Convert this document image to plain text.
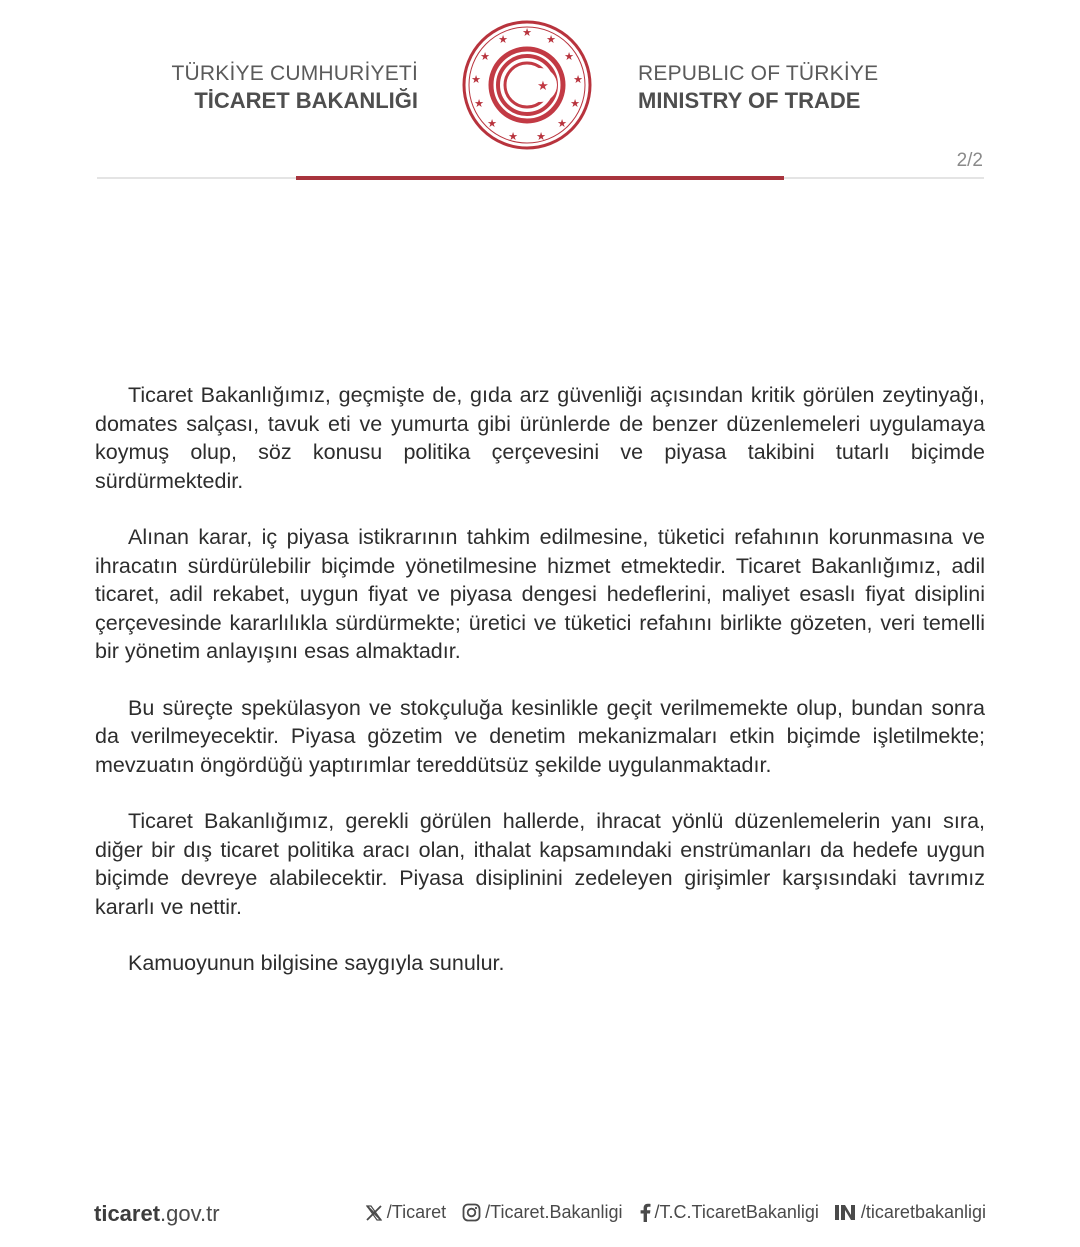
TÜRKİYE CUMHURİYETİ
TİCARET BAKANLIĞI
★
★	★
★	★
★	★
★	★
★	★
★ ★
★
REPUBLIC OF TÜRKİYE
MINISTRY OF TRADE
2/2

Ticaret Bakanlığımız, geçmişte de, gıda arz güvenliği açısından kritik görülen zeytinyağı, domates salçası, tavuk eti ve yumurta gibi ürünlerde de benzer düzenlemeleri uygulamaya koymuş olup, söz konusu politika çerçevesini ve piyasa takibini tutarlı biçimde sürdürmektedir.

Alınan karar, iç piyasa istikrarının tahkim edilmesine, tüketici refahının korunmasına ve ihracatın sürdürülebilir biçimde yönetilmesine hizmet etmektedir. Ticaret Bakanlığımız, adil ticaret, adil rekabet, uygun fiyat ve piyasa dengesi hedeflerini, maliyet esaslı fiyat disiplini çerçevesinde kararlılıkla sürdürmekte; üretici ve tüketici refahını birlikte gözeten, veri temelli bir yönetim anlayışını esas almaktadır.

Bu süreçte spekülasyon ve stokçuluğa kesinlikle geçit verilmemekte olup, bundan sonra da verilmeyecektir. Piyasa gözetim ve denetim mekanizmaları etkin biçimde işletilmekte; mevzuatın öngördüğü yaptırımlar tereddütsüz şekilde uygulanmaktadır.

Ticaret Bakanlığımız, gerekli görülen hallerde, ihracat yönlü düzenlemelerin yanı sıra, diğer bir dış ticaret politika aracı olan, ithalat kapsamındaki enstrümanları da hedefe uygun biçimde devreye alabilecektir. Piyasa disiplinini zedeleyen girişimler karşısındaki tavrımız kararlı ve nettir.

Kamuoyunun bilgisine saygıyla sunulur.

ticaret.gov.tr	/Ticaret /Ticaret.Bakanligi /T.C.TicaretBakanligi /ticaretbakanligi
